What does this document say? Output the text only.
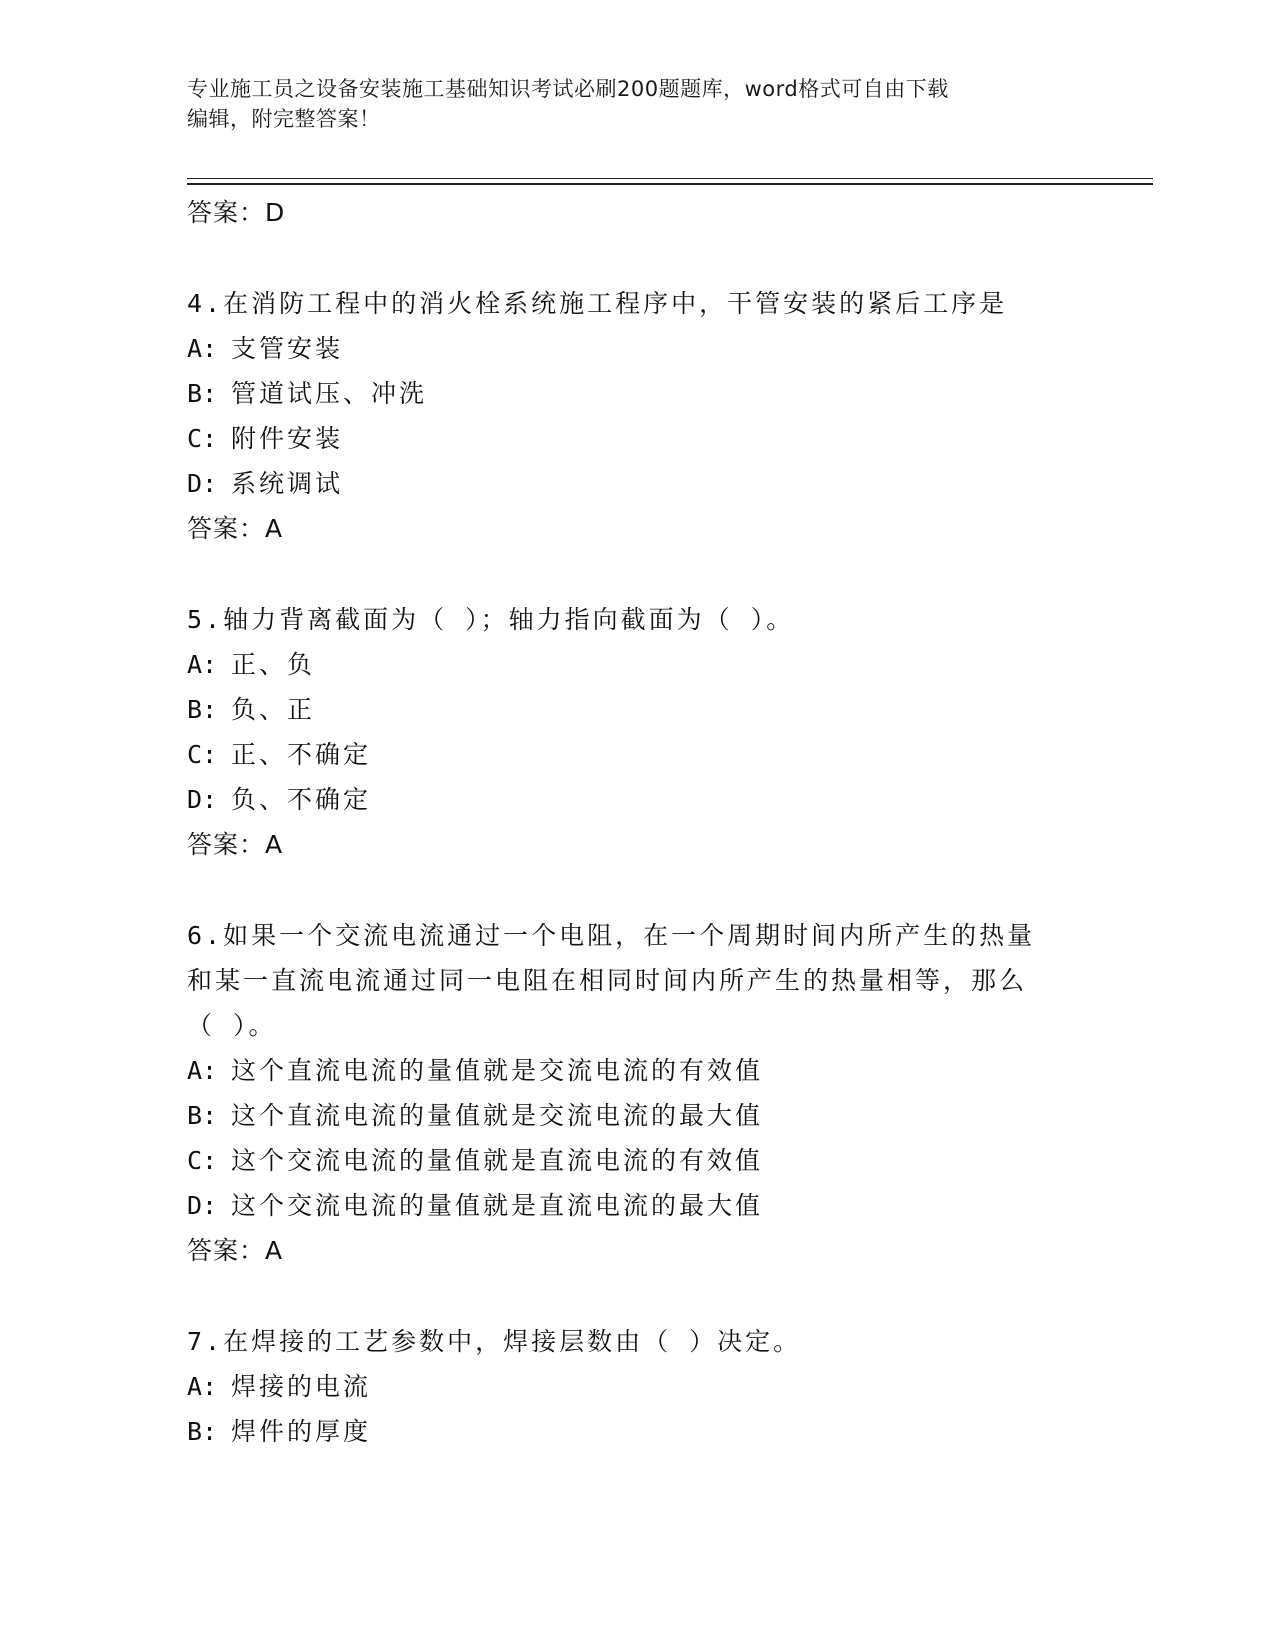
专业施工员之设备安装施工基础知识考试必刷200题题库，word格式可自由下载
编辑，附完整答案！
答案：D
4.在消防工程中的消火栓系统施工程序中，干管安装的紧后工序是
A: 支管安装
B: 管道试压、冲洗
C: 附件安装
D: 系统调试
答案：A
5.轴力背离截面为（ ）；轴力指向截面为（ ）。
A: 正、负
B: 负、正
C: 正、不确定
D: 负、不确定
答案：A
6.如果一个交流电流通过一个电阻，在一个周期时间内所产生的热量
和某一直流电流通过同一电阻在相同时间内所产生的热量相等，那么
（ ）。
A: 这个直流电流的量值就是交流电流的有效值
B: 这个直流电流的量值就是交流电流的最大值
C: 这个交流电流的量值就是直流电流的有效值
D: 这个交流电流的量值就是直流电流的最大值
答案：A
7.在焊接的工艺参数中，焊接层数由（ ）决定。
A: 焊接的电流
B: 焊件的厚度
